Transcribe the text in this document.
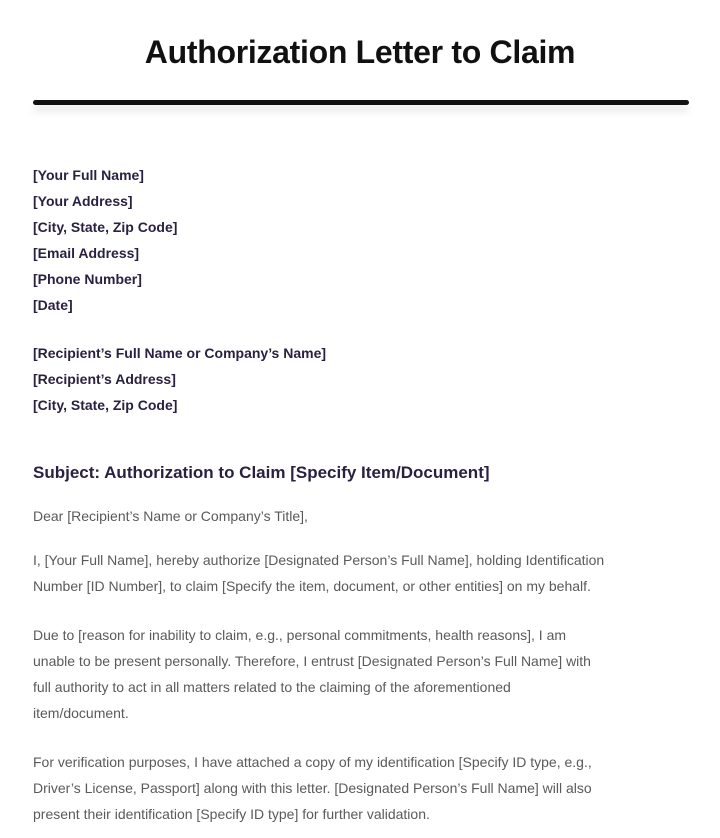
Authorization Letter to Claim
[Your Full Name]
[Your Address]
[City, State, Zip Code]
[Email Address]
[Phone Number]
[Date]
[Recipient’s Full Name or Company’s Name]
[Recipient’s Address]
[City, State, Zip Code]
Subject: Authorization to Claim [Specify Item/Document]

Dear [Recipient’s Name or Company’s Title],

I, [Your Full Name], hereby authorize [Designated Person’s Full Name], holding Identification
Number [ID Number], to claim [Specify the item, document, or other entities] on my behalf.

Due to [reason for inability to claim, e.g., personal commitments, health reasons], I am
unable to be present personally. Therefore, I entrust [Designated Person’s Full Name] with
full authority to act in all matters related to the claiming of the aforementioned
item/document.

For verification purposes, I have attached a copy of my identification [Specify ID type, e.g.,
Driver’s License, Passport] along with this letter. [Designated Person’s Full Name] will also
present their identification [Specify ID type] for further validation.
